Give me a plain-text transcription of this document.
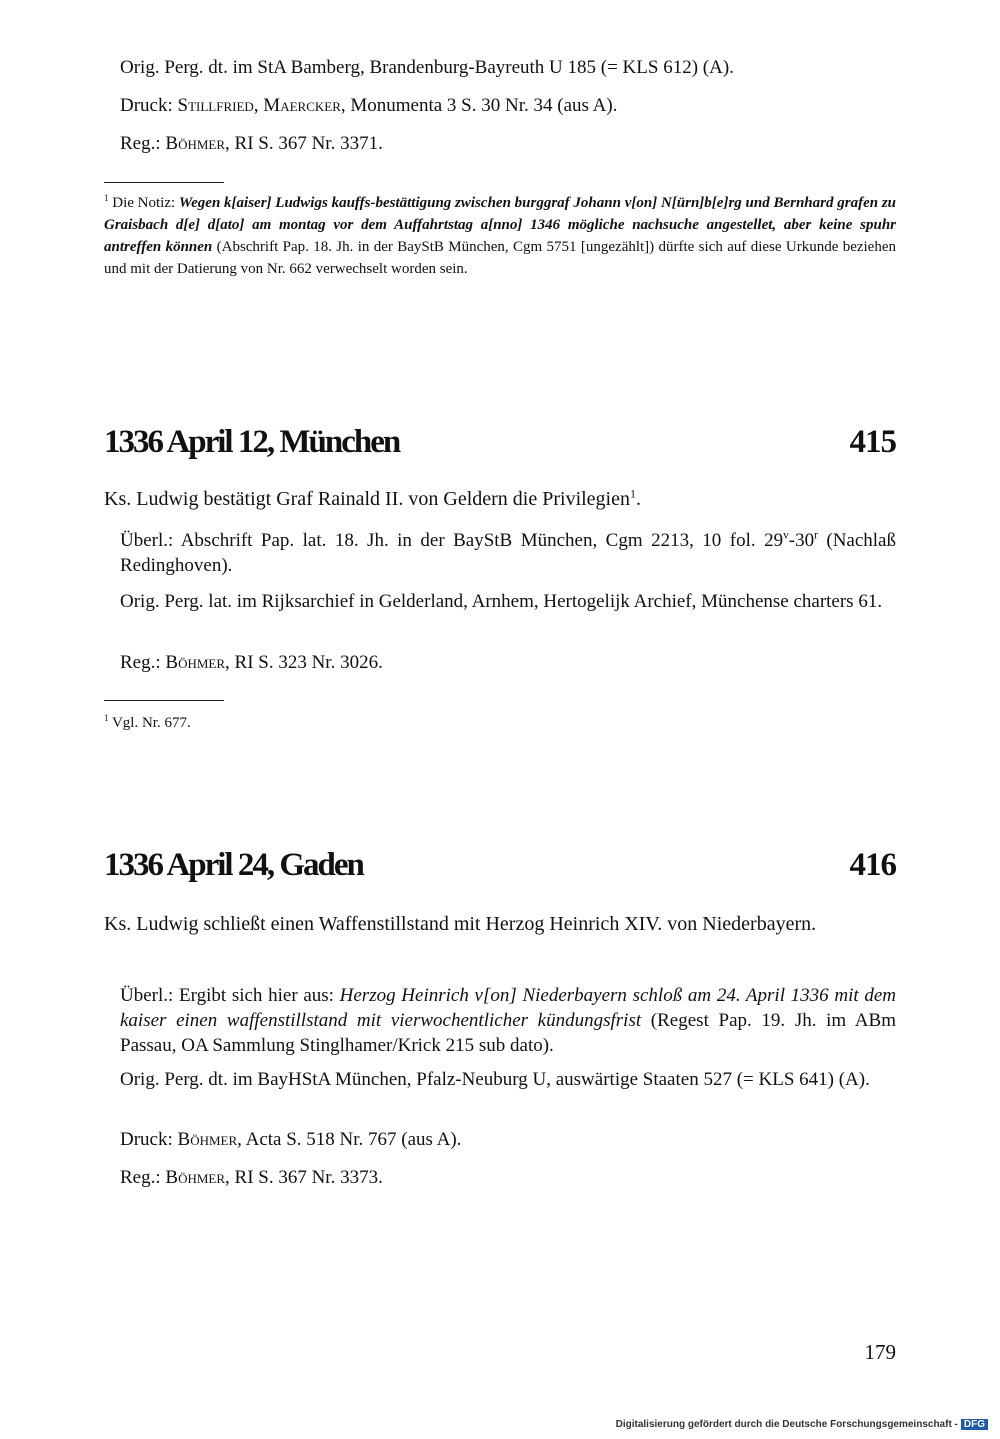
Orig. Perg. dt. im StA Bamberg, Brandenburg-Bayreuth U 185 (= KLS 612) (A).
Druck: Stillfried, Maercker, Monumenta 3 S. 30 Nr. 34 (aus A).
Reg.: Böhmer, RI S. 367 Nr. 3371.
$^1$ Die Notiz: Wegen k[aiser] Ludwigs kauffs-bestättigung zwischen burggraf Johann v[on] N[ürn]b[e]rg und Bernhard grafen zu Graisbach d[e] d[ato] am montag vor dem Auffahrtstag a[nno] 1346 mögliche nachsuche angestellet, aber keine spuhr antreffen können (Abschrift Pap. 18. Jh. in der BayStB München, Cgm 5751 [ungezählt]) dürfte sich auf diese Urkunde beziehen und mit der Datierung von Nr. 662 verwechselt worden sein.
1336 April 12, München	415
Ks. Ludwig bestätigt Graf Rainald II. von Geldern die Privilegien$^1$.
Überl.: Abschrift Pap. lat. 18. Jh. in der BayStB München, Cgm 2213, 10 fol. 29$^v$-30$^r$ (Nachlaß Redinghoven).
Orig. Perg. lat. im Rijksarchief in Gelderland, Arnhem, Hertogelijk Archief, Münchense charters 61.
Reg.: Böhmer, RI S. 323 Nr. 3026.
$^1$ Vgl. Nr. 677.
1336 April 24, Gaden	416
Ks. Ludwig schließt einen Waffenstillstand mit Herzog Heinrich XIV. von Niederbayern.
Überl.: Ergibt sich hier aus: Herzog Heinrich v[on] Niederbayern schloß am 24. April 1336 mit dem kaiser einen waffenstillstand mit vierwochentlicher kündungsfrist (Regest Pap. 19. Jh. im ABm Passau, OA Sammlung Stinglhamer/Krick 215 sub dato).
Orig. Perg. dt. im BayHStA München, Pfalz-Neuburg U, auswärtige Staaten 527 (= KLS 641) (A).
Druck: Böhmer, Acta S. 518 Nr. 767 (aus A).
Reg.: Böhmer, RI S. 367 Nr. 3373.
179
Digitalisierung gefördert durch die Deutsche Forschungsgemeinschaft - DFG
